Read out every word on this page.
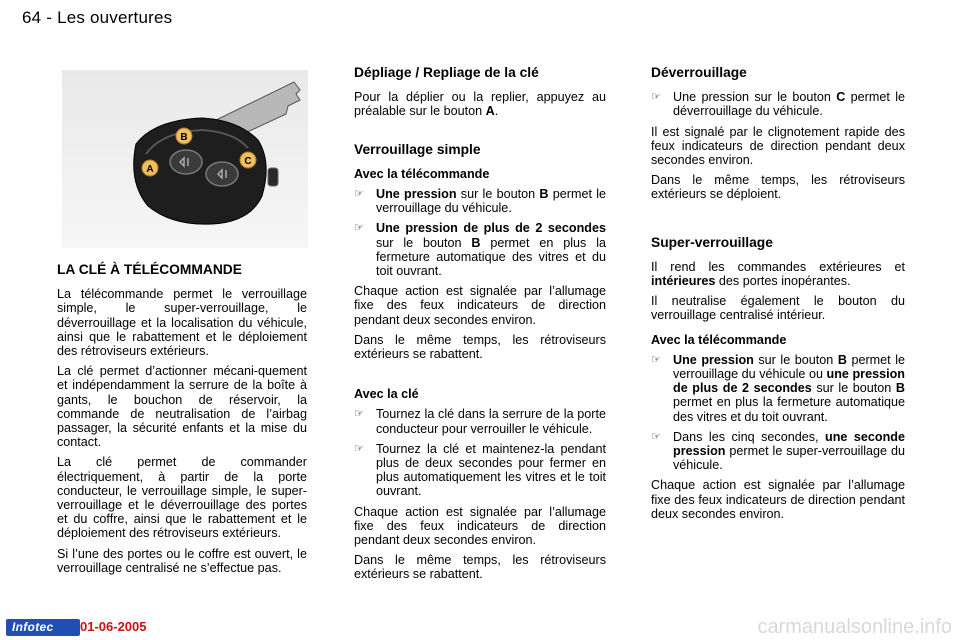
64 - Les ouvertures
A
B
C
LA CLÉ À TÉLÉCOMMANDE

La télécommande permet le verrouillage simple, le super-verrouillage, le déverrouillage et la localisation du véhicule, ainsi que le rabattement et le déploiement des rétroviseurs extérieurs.

La clé permet d’actionner mécani-quement et indépendamment la serrure de la boîte à gants, le bouchon de réservoir, la commande de neutralisation de l’airbag passager, la sécurité enfants et la mise du contact.

La clé permet de commander électriquement, à partir de la porte conducteur, le verrouillage simple, le super-verrouillage et le déverrouillage des portes et du coffre, ainsi que le rabattement et le déploiement des rétroviseurs extérieurs.

Si l’une des portes ou le coffre est ouvert, le verrouillage centralisé ne s’effectue pas.

Dépliage / Repliage de la clé

Pour la déplier ou la replier, appuyez au préalable sur le bouton A.

Verrouillage simple
Avec la télécommande
☞ Une pression sur le bouton B permet le verrouillage du véhicule.
☞ Une pression de plus de 2 secondes sur le bouton B permet en plus la fermeture automatique des vitres et du toit ouvrant.

Chaque action est signalée par l’allumage fixe des feux indicateurs de direction pendant deux secondes environ.

Dans le même temps, les rétroviseurs extérieurs se rabattent.

Avec la clé
☞ Tournez la clé dans la serrure de la porte conducteur pour verrouiller le véhicule.
☞ Tournez la clé et maintenez-la pendant plus de deux secondes pour fermer en plus automatiquement les vitres et le toit ouvrant.

Chaque action est signalée par l’allumage fixe des feux indicateurs de direction pendant deux secondes environ.

Dans le même temps, les rétroviseurs extérieurs se rabattent.

Déverrouillage
☞ Une pression sur le bouton C permet le déverrouillage du véhicule.

Il est signalé par le clignotement rapide des feux indicateurs de direction pendant deux secondes environ.

Dans le même temps, les rétroviseurs extérieurs se déploient.

Super-verrouillage

Il rend les commandes extérieures et intérieures des portes inopérantes.

Il neutralise également le bouton du verrouillage centralisé intérieur.

Avec la télécommande
☞ Une pression sur le bouton B permet le verrouillage du véhicule ou une pression de plus de 2 secondes sur le bouton B permet en plus la fermeture automatique des vitres et du toit ouvrant.
☞ Dans les cinq secondes, une seconde pression permet le super-verrouillage du véhicule.

Chaque action est signalée par l’allumage fixe des feux indicateurs de direction pendant deux secondes environ.

Infotec 01-06-2005	carmanualsonline.info
